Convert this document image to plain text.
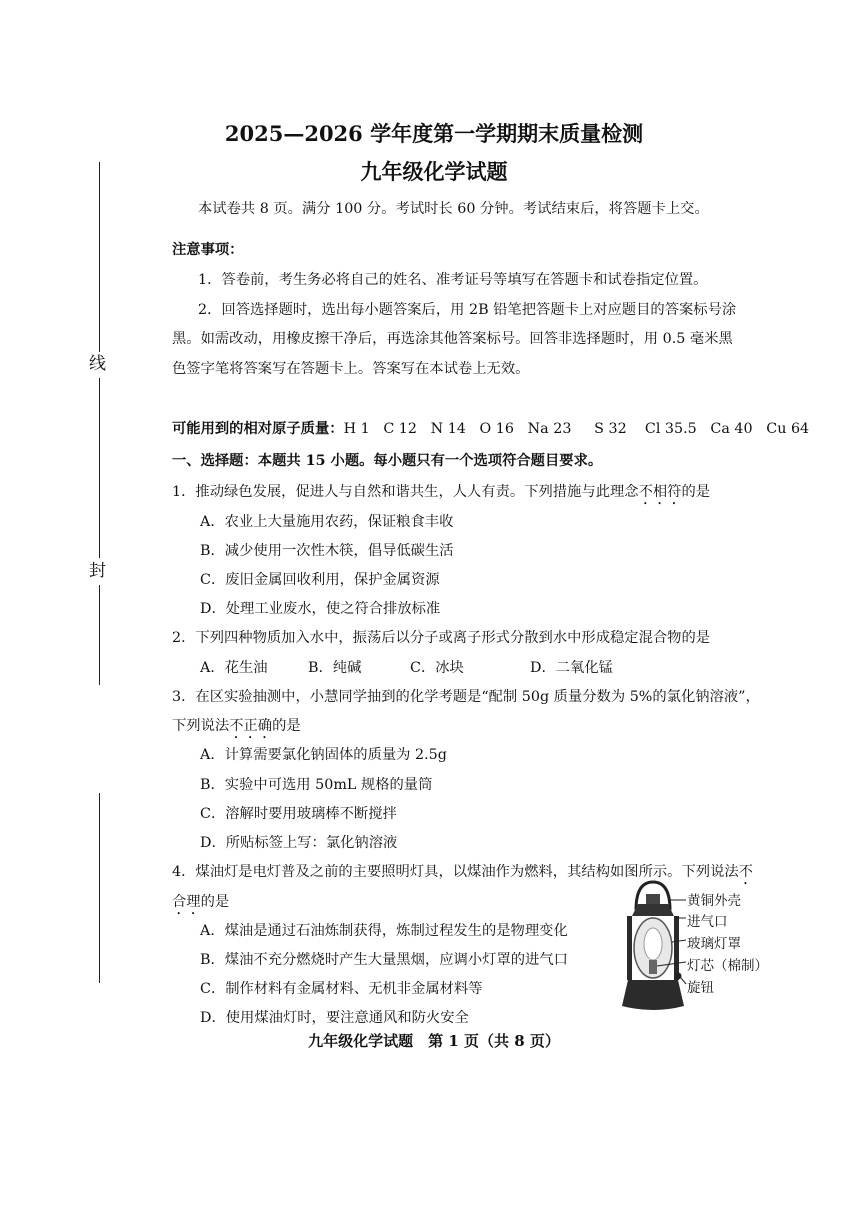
线
封
2025—2026 学年度第一学期期末质量检测
九年级化学试题
本试卷共 8 页。满分 100 分。考试时长 60 分钟。考试结束后，将答题卡上交。
注意事项：
1．答卷前，考生务必将自己的姓名、准考证号等填写在答题卡和试卷指定位置。
2．回答选择题时，选出每小题答案后，用 2B 铅笔把答题卡上对应题目的答案标号涂
黑。如需改动，用橡皮擦干净后，再选涂其他答案标号。回答非选择题时，用 0.5 毫米黑
色签字笔将答案写在答题卡上。答案写在本试卷上无效。
可能用到的相对原子质量：H 1 C 12 N 14 O 16 Na 23 S 32 Cl 35.5 Ca 40 Cu 64
一、选择题：本题共 15 小题。每小题只有一个选项符合题目要求。
1．推动绿色发展，促进人与自然和谐共生，人人有责。下列措施与此理念不相符的是
A．农业上大量施用农药，保证粮食丰收
B．减少使用一次性木筷，倡导低碳生活
C．废旧金属回收利用，保护金属资源
D．处理工业废水，使之符合排放标准
2．下列四种物质加入水中，振荡后以分子或离子形式分散到水中形成稳定混合物的是
A．花生油	B．纯碱	C．冰块	D．二氧化锰
3．在区实验抽测中，小慧同学抽到的化学考题是“配制 50g 质量分数为 5%的氯化钠溶液”，
下列说法不正确的是
A．计算需要氯化钠固体的质量为 2.5g
B．实验中可选用 50mL 规格的量筒
C．溶解时要用玻璃棒不断搅拌
D．所贴标签上写：氯化钠溶液
4．煤油灯是电灯普及之前的主要照明灯具，以煤油作为燃料，其结构如图所示。下列说法不
合理的是
A．煤油是通过石油炼制获得，炼制过程发生的是物理变化
B．煤油不充分燃烧时产生大量黑烟，应调小灯罩的进气口
C．制作材料有金属材料、无机非金属材料等
D．使用煤油灯时，要注意通风和防火安全
黄铜外壳
进气口
玻璃灯罩
灯芯（棉制）
旋钮
九年级化学试题　第 1 页（共 8 页）
